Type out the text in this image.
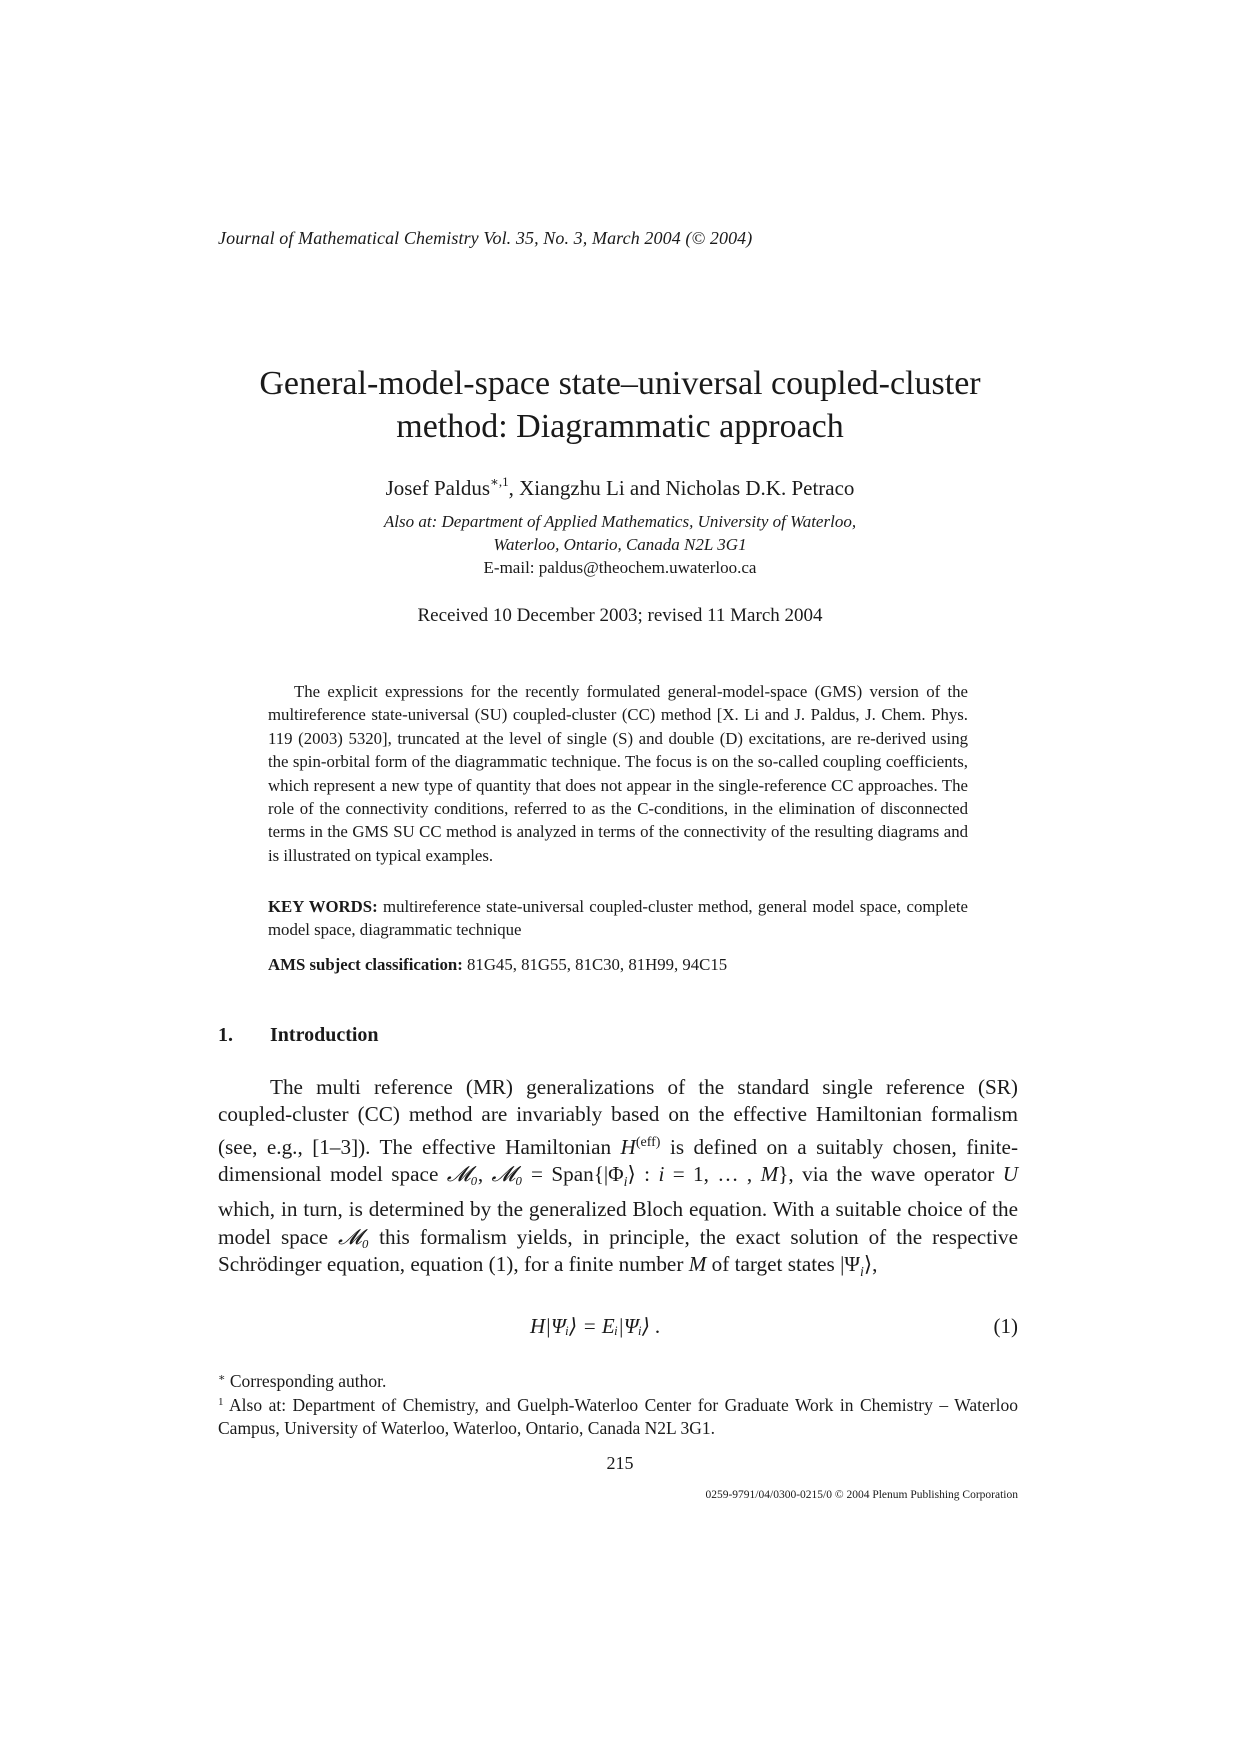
Journal of Mathematical Chemistry Vol. 35, No. 3, March 2004 (© 2004)
General-model-space state–universal coupled-cluster
method: Diagrammatic approach
Josef Paldus$^{∗,1}$, Xiangzhu Li and Nicholas D.K. Petraco
Also at: Department of Applied Mathematics, University of Waterloo,
Waterloo, Ontario, Canada N2L 3G1
E-mail: paldus@theochem.uwaterloo.ca
Received 10 December 2003; revised 11 March 2004

The explicit expressions for the recently formulated general-model-space (GMS) version of the multireference state-universal (SU) coupled-cluster (CC) method [X. Li and J. Paldus, J. Chem. Phys. 119 (2003) 5320], truncated at the level of single (S) and double (D) excitations, are re-derived using the spin-orbital form of the diagrammatic technique. The focus is on the so-called coupling coefficients, which represent a new type of quantity that does not appear in the single-reference CC approaches. The role of the connectivity conditions, referred to as the C-conditions, in the elimination of disconnected terms in the GMS SU CC method is analyzed in terms of the connectivity of the resulting diagrams and is illustrated on typical examples.

KEY WORDS: multireference state-universal coupled-cluster method, general model space, complete model space, diagrammatic technique

AMS subject classification: 81G45, 81G55, 81C30, 81H99, 94C15

1. Introduction

The multi reference (MR) generalizations of the standard single reference (SR) coupled-cluster (CC) method are invariably based on the effective Hamiltonian formalism (see, e.g., [1–3]). The effective Hamiltonian $H^{(eff)}$ is defined on a suitably chosen, finite-dimensional model space 𝓜₀, 𝓜₀ = $Span\{|\Phi_i⟩$ : i = 1, … , M}, via the wave operator U which, in turn, is determined by the generalized Bloch equation. With a suitable choice of the model space 𝓜₀ this formalism yields, in principle, the exact solution of the respective Schrödinger equation, equation (1), for a finite number M of target states $|\Psi_i⟩$,

H|Ψᵢ⟩ = Eᵢ|Ψᵢ⟩ .	(1)
∗ Corresponding author.
$^1$ Also at: Department of Chemistry, and Guelph-Waterloo Center for Graduate Work in Chemistry – Waterloo Campus, University of Waterloo, Waterloo, Ontario, Canada N2L 3G1.
215
0259-9791/04/0300-0215/0 © 2004 Plenum Publishing Corporation
